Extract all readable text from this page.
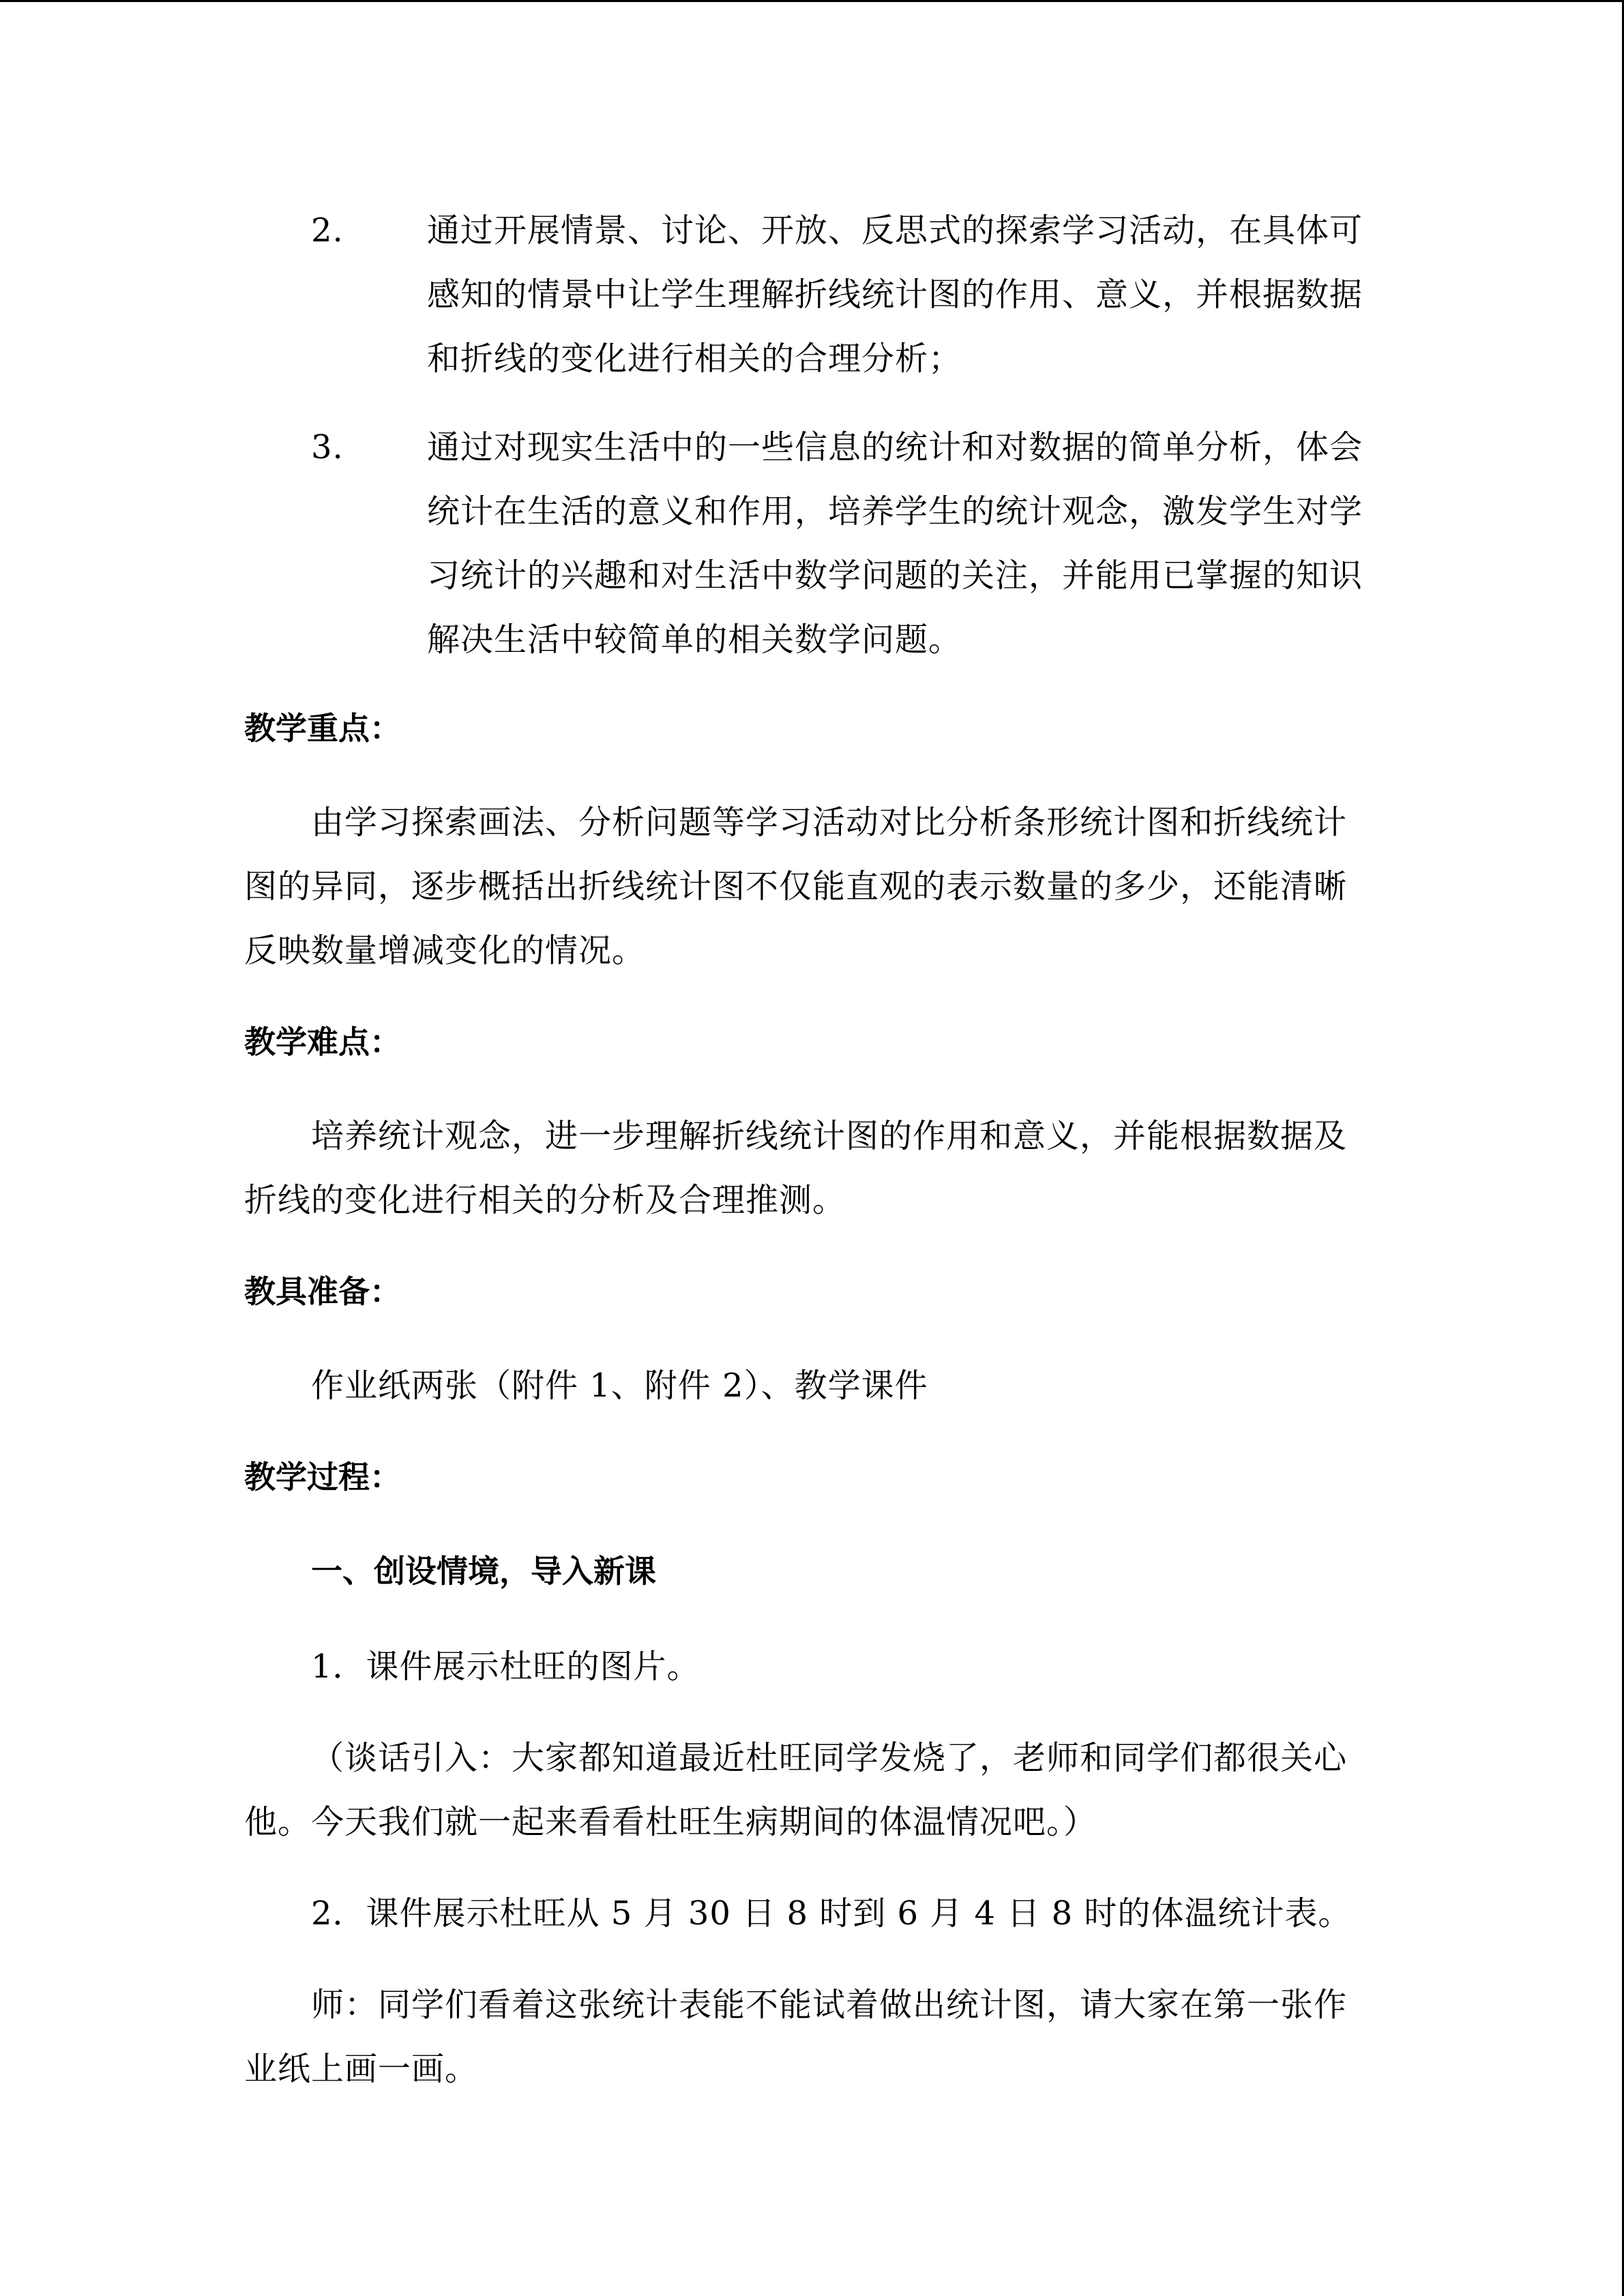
2.	通过开展情景、讨论、开放、反思式的探索学习活动，在具体可感知的情景中让学生理解折线统计图的作用、意义，并根据数据和折线的变化进行相关的合理分析；
3.	通过对现实生活中的一些信息的统计和对数据的简单分析，体会统计在生活的意义和作用，培养学生的统计观念，激发学生对学习统计的兴趣和对生活中数学问题的关注，并能用已掌握的知识解决生活中较简单的相关数学问题。

教学重点：

由学习探索画法、分析问题等学习活动对比分析条形统计图和折线统计图的异同，逐步概括出折线统计图不仅能直观的表示数量的多少，还能清晰反映数量增减变化的情况。

教学难点：

培养统计观念，进一步理解折线统计图的作用和意义，并能根据数据及折线的变化进行相关的分析及合理推测。

教具准备：

作业纸两张（附件 1、附件 2）、教学课件

教学过程：

一、创设情境，导入新课

1．课件展示杜旺的图片。

（谈话引入：大家都知道最近杜旺同学发烧了，老师和同学们都很关心他。今天我们就一起来看看杜旺生病期间的体温情况吧。）

2．课件展示杜旺从 5 月 30 日 8 时到 6 月 4 日 8 时的体温统计表。

师：同学们看着这张统计表能不能试着做出统计图，请大家在第一张作业纸上画一画。
